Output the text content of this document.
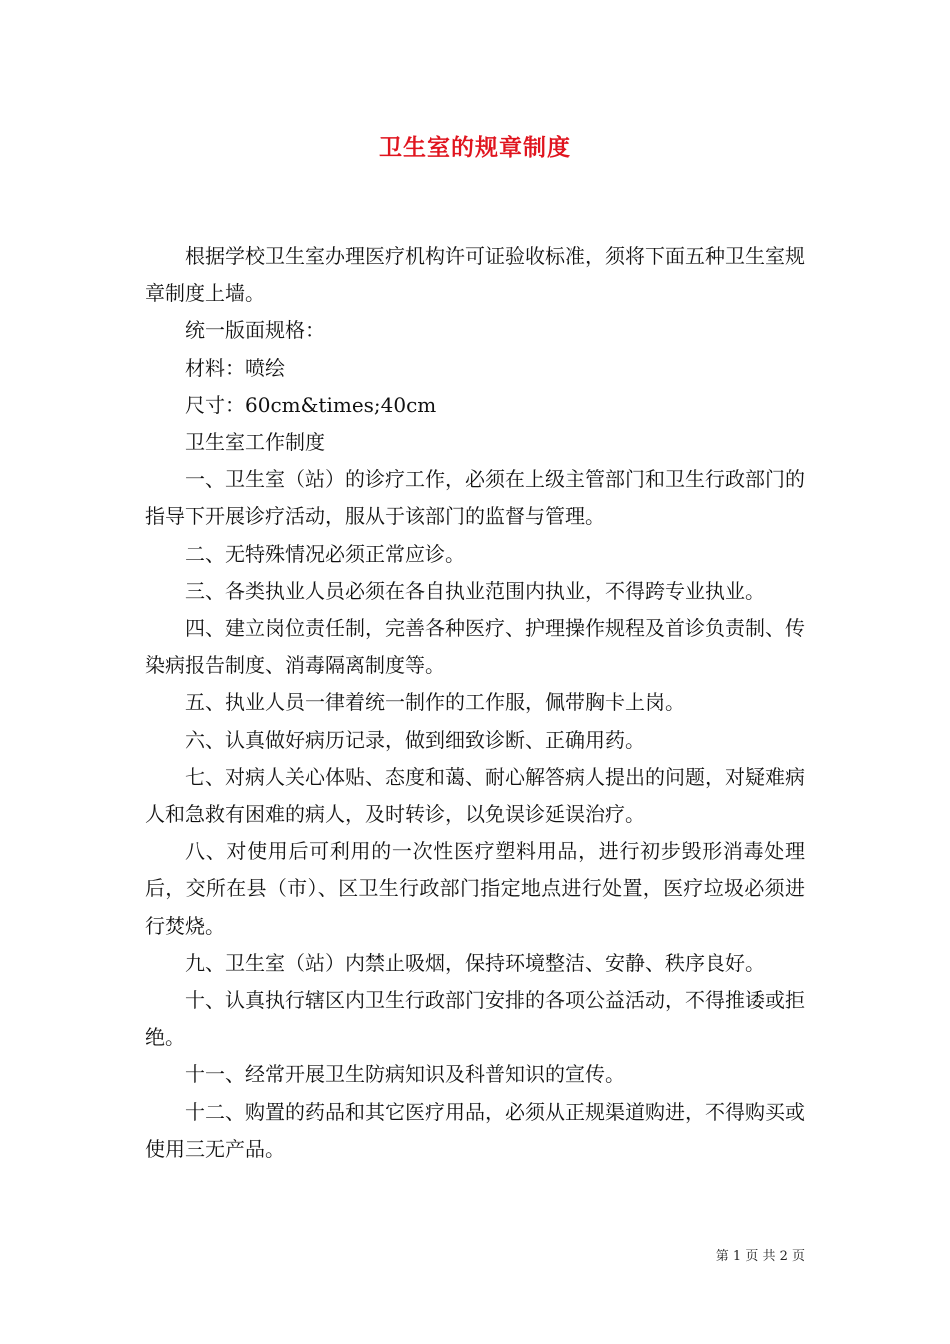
卫生室的规章制度

根据学校卫生室办理医疗机构许可证验收标准，须将下面五种卫生室规章制度上墙。

统一版面规格：

材料：喷绘

尺寸：60cm&times;40cm

卫生室工作制度

一、卫生室（站）的诊疗工作，必须在上级主管部门和卫生行政部门的指导下开展诊疗活动，服从于该部门的监督与管理。

二、无特殊情况必须正常应诊。

三、各类执业人员必须在各自执业范围内执业，不得跨专业执业。

四、建立岗位责任制，完善各种医疗、护理操作规程及首诊负责制、传染病报告制度、消毒隔离制度等。

五、执业人员一律着统一制作的工作服，佩带胸卡上岗。

六、认真做好病历记录，做到细致诊断、正确用药。

七、对病人关心体贴、态度和蔼、耐心解答病人提出的问题，对疑难病人和急救有困难的病人，及时转诊，以免误诊延误治疗。

八、对使用后可利用的一次性医疗塑料用品，进行初步毁形消毒处理后，交所在县（市）、区卫生行政部门指定地点进行处置，医疗垃圾必须进行焚烧。

九、卫生室（站）内禁止吸烟，保持环境整洁、安静、秩序良好。

十、认真执行辖区内卫生行政部门安排的各项公益活动，不得推诿或拒绝。

十一、经常开展卫生防病知识及科普知识的宣传。

十二、购置的药品和其它医疗用品，必须从正规渠道购进，不得购买或使用三无产品。

第 1 页 共 2 页
